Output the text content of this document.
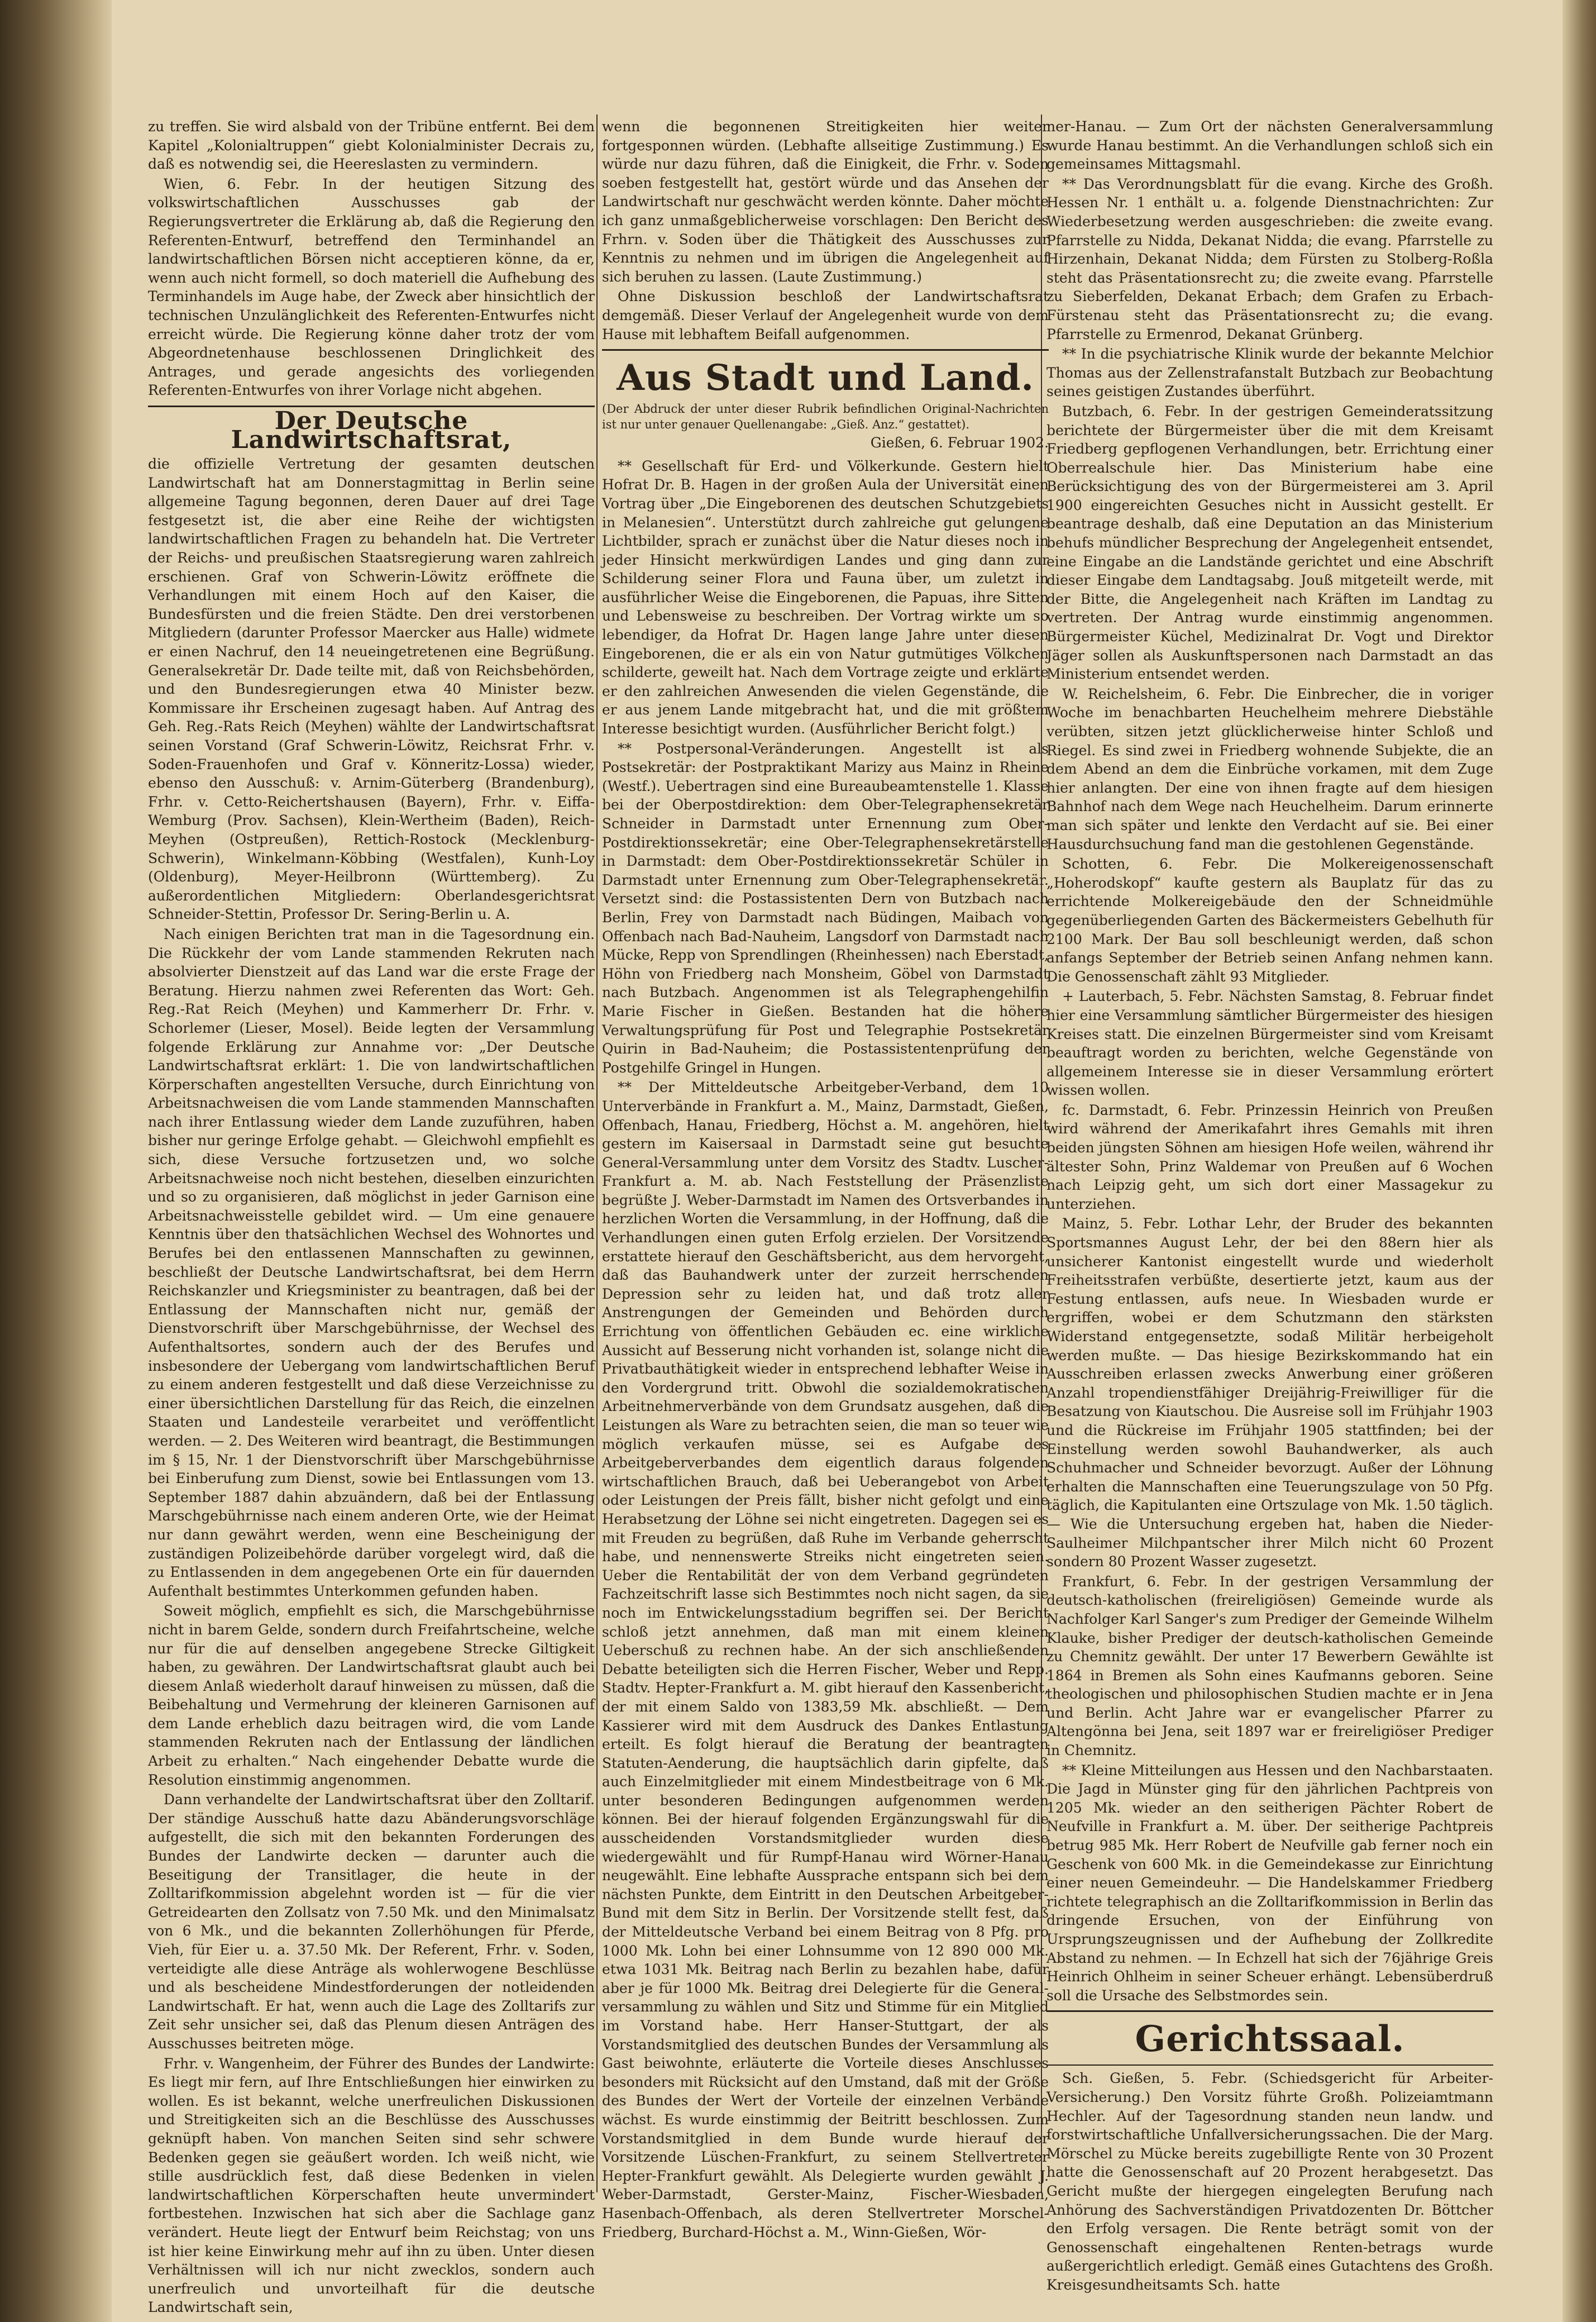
zu treffen. Sie wird alsbald von der Tribüne entfernt. Bei dem Kapitel „Kolonialtruppen“ giebt Kolonialminister Decrais zu, daß es notwendig sei, die Heereslasten zu vermindern.

Wien, 6. Febr. In der heutigen Sitzung des volkswirtschaftlichen Ausschusses gab der Regierungsvertreter die Erklärung ab, daß die Regierung den Referenten-Entwurf, betreffend den Terminhandel an landwirtschaftlichen Börsen nicht acceptieren könne, da er, wenn auch nicht formell, so doch materiell die Aufhebung des Terminhandels im Auge habe, der Zweck aber hinsichtlich der technischen Unzulänglichkeit des Referenten-Entwurfes nicht erreicht würde. Die Regierung könne daher trotz der vom Abgeordnetenhause beschlossenen Dringlichkeit des Antrages, und gerade angesichts des vorliegenden Referenten-Entwurfes von ihrer Vorlage nicht abgehen.

Der Deutsche Landwirtschaftsrat,

die offizielle Vertretung der gesamten deutschen Landwirtschaft hat am Donnerstagmittag in Berlin seine allgemeine Tagung begonnen, deren Dauer auf drei Tage festgesetzt ist, die aber eine Reihe der wichtigsten landwirtschaftlichen Fragen zu behandeln hat. Die Vertreter der Reichs- und preußischen Staatsregierung waren zahlreich erschienen. Graf von Schwerin-Löwitz eröffnete die Verhandlungen mit einem Hoch auf den Kaiser, die Bundesfürsten und die freien Städte. Den drei verstorbenen Mitgliedern (darunter Professor Maercker aus Halle) widmete er einen Nachruf, den 14 neueingetretenen eine Begrüßung. Generalsekretär Dr. Dade teilte mit, daß von Reichsbehörden, und den Bundesregierungen etwa 40 Minister bezw. Kommissare ihr Erscheinen zugesagt haben. Auf Antrag des Geh. Reg.-Rats Reich (Meyhen) wählte der Landwirtschaftsrat seinen Vorstand (Graf Schwerin-Löwitz, Reichsrat Frhr. v. Soden-Frauenhofen und Graf v. Könneritz-Lossa) wieder, ebenso den Ausschuß: v. Arnim-Güterberg (Brandenburg), Frhr. v. Cetto-Reichertshausen (Bayern), Frhr. v. Eiffa-Wemburg (Prov. Sachsen), Klein-Wertheim (Baden), Reich-Meyhen (Ostpreußen), Rettich-Rostock (Mecklenburg-Schwerin), Winkelmann-Köbbing (Westfalen), Kunh-Loy (Oldenburg), Meyer-Heilbronn (Württemberg). Zu außerordentlichen Mitgliedern: Oberlandesgerichtsrat Schneider-Stettin, Professor Dr. Sering-Berlin u. A.

Nach einigen Berichten trat man in die Tagesordnung ein. Die Rückkehr der vom Lande stammenden Rekruten nach absolvierter Dienstzeit auf das Land war die erste Frage der Beratung. Hierzu nahmen zwei Referenten das Wort: Geh. Reg.-Rat Reich (Meyhen) und Kammerherr Dr. Frhr. v. Schorlemer (Lieser, Mosel). Beide legten der Versammlung folgende Erklärung zur Annahme vor: „Der Deutsche Landwirtschaftsrat erklärt: 1. Die von landwirtschaftlichen Körperschaften angestellten Versuche, durch Einrichtung von Arbeitsnachweisen die vom Lande stammenden Mannschaften nach ihrer Entlassung wieder dem Lande zuzuführen, haben bisher nur geringe Erfolge gehabt. — Gleichwohl empfiehlt es sich, diese Versuche fortzusetzen und, wo solche Arbeitsnachweise noch nicht bestehen, dieselben einzurichten und so zu organisieren, daß möglichst in jeder Garnison eine Arbeitsnachweisstelle gebildet wird. — Um eine genauere Kenntnis über den thatsächlichen Wechsel des Wohnortes und Berufes bei den entlassenen Mannschaften zu gewinnen, beschließt der Deutsche Landwirtschaftsrat, bei dem Herrn Reichskanzler und Kriegsminister zu beantragen, daß bei der Entlassung der Mannschaften nicht nur, gemäß der Dienstvorschrift über Marschgebührnisse, der Wechsel des Aufenthaltsortes, sondern auch der des Berufes und insbesondere der Uebergang vom landwirtschaftlichen Beruf zu einem anderen festgestellt und daß diese Verzeichnisse zu einer übersichtlichen Darstellung für das Reich, die einzelnen Staaten und Landesteile verarbeitet und veröffentlicht werden. — 2. Des Weiteren wird beantragt, die Bestimmungen im § 15, Nr. 1 der Dienstvorschrift über Marschgebührnisse bei Einberufung zum Dienst, sowie bei Entlassungen vom 13. September 1887 dahin abzuändern, daß bei der Entlassung Marschgebührnisse nach einem anderen Orte, wie der Heimat nur dann gewährt werden, wenn eine Bescheinigung der zuständigen Polizeibehörde darüber vorgelegt wird, daß die zu Entlassenden in dem angegebenen Orte ein für dauernden Aufenthalt bestimmtes Unterkommen gefunden haben.

Soweit möglich, empfiehlt es sich, die Marschgebührnisse nicht in barem Gelde, sondern durch Freifahrtscheine, welche nur für die auf denselben angegebene Strecke Giltigkeit haben, zu gewähren. Der Landwirtschaftsrat glaubt auch bei diesem Anlaß wiederholt darauf hinweisen zu müssen, daß die Beibehaltung und Vermehrung der kleineren Garnisonen auf dem Lande erheblich dazu beitragen wird, die vom Lande stammenden Rekruten nach der Entlassung der ländlichen Arbeit zu erhalten.“ Nach eingehender Debatte wurde die Resolution einstimmig angenommen.

Dann verhandelte der Landwirtschaftsrat über den Zolltarif. Der ständige Ausschuß hatte dazu Abänderungsvorschläge aufgestellt, die sich mit den bekannten Forderungen des Bundes der Landwirte decken — darunter auch die Beseitigung der Transitlager, die heute in der Zolltarifkommission abgelehnt worden ist — für die vier Getreidearten den Zollsatz von 7.50 Mk. und den Minimalsatz von 6 Mk., und die bekannten Zollerhöhungen für Pferde, Vieh, für Eier u. a. 37.50 Mk. Der Referent, Frhr. v. Soden, verteidigte alle diese Anträge als wohlerwogene Beschlüsse und als bescheidene Mindestforderungen der notleidenden Landwirtschaft. Er hat, wenn auch die Lage des Zolltarifs zur Zeit sehr unsicher sei, daß das Plenum diesen Anträgen des Ausschusses beitreten möge.

Frhr. v. Wangenheim, der Führer des Bundes der Landwirte: Es liegt mir fern, auf Ihre Entschließungen hier einwirken zu wollen. Es ist bekannt, welche unerfreulichen Diskussionen und Streitigkeiten sich an die Beschlüsse des Ausschusses geknüpft haben. Von manchen Seiten sind sehr schwere Bedenken gegen sie geäußert worden. Ich weiß nicht, wie stille ausdrücklich fest, daß diese Bedenken in vielen landwirtschaftlichen Körperschaften heute unvermindert fortbestehen. Inzwischen hat sich aber die Sachlage ganz verändert. Heute liegt der Entwurf beim Reichstag; von uns ist hier keine Einwirkung mehr auf ihn zu üben. Unter diesen Verhältnissen will ich nur nicht zwecklos, sondern auch unerfreulich und unvorteilhaft für die deutsche Landwirtschaft sein,

wenn die begonnenen Streitigkeiten hier weiter fortgesponnen würden. (Lebhafte allseitige Zustimmung.) Es würde nur dazu führen, daß die Einigkeit, die Frhr. v. Soden soeben festgestellt hat, gestört würde und das Ansehen der Landwirtschaft nur geschwächt werden könnte. Daher möchte ich ganz unmaßgeblicherweise vorschlagen: Den Bericht des Frhrn. v. Soden über die Thätigkeit des Ausschusses zur Kenntnis zu nehmen und im übrigen die Angelegenheit auf sich beruhen zu lassen. (Laute Zustimmung.)

Ohne Diskussion beschloß der Landwirtschaftsrat demgemäß. Dieser Verlauf der Angelegenheit wurde von dem Hause mit lebhaftem Beifall aufgenommen.

Aus Stadt und Land.

(Der Abdruck der unter dieser Rubrik befindlichen Original-Nachrichten ist nur unter genauer Quellenangabe: „Gieß. Anz.“ gestattet).

Gießen, 6. Februar 1902.

** Gesellschaft für Erd- und Völkerkunde. Gestern hielt Hofrat Dr. B. Hagen in der großen Aula der Universität einen Vortrag über „Die Eingeborenen des deutschen Schutzgebiets in Melanesien“. Unterstützt durch zahlreiche gut gelungene Lichtbilder, sprach er zunächst über die Natur dieses noch in jeder Hinsicht merkwürdigen Landes und ging dann zur Schilderung seiner Flora und Fauna über, um zuletzt in ausführlicher Weise die Eingeborenen, die Papuas, ihre Sitten und Lebensweise zu beschreiben. Der Vortrag wirkte um so lebendiger, da Hofrat Dr. Hagen lange Jahre unter diesen Eingeborenen, die er als ein von Natur gutmütiges Völkchen schilderte, geweilt hat. Nach dem Vortrage zeigte und erklärte er den zahlreichen Anwesenden die vielen Gegenstände, die er aus jenem Lande mitgebracht hat, und die mit größtem Interesse besichtigt wurden. (Ausführlicher Bericht folgt.)

** Postpersonal-Veränderungen. Angestellt ist als Postsekretär: der Postpraktikant Marizy aus Mainz in Rheine (Westf.). Uebertragen sind eine Bureaubeamtenstelle 1. Klasse bei der Oberpostdirektion: dem Ober-Telegraphensekretär Schneider in Darmstadt unter Ernennung zum Ober-Postdirektionssekretär; eine Ober-Telegraphensekretärstelle in Darmstadt: dem Ober-Postdirektionssekretär Schüler in Darmstadt unter Ernennung zum Ober-Telegraphensekretär. Versetzt sind: die Postassistenten Dern von Butzbach nach Berlin, Frey von Darmstadt nach Büdingen, Maibach von Offenbach nach Bad-Nauheim, Langsdorf von Darmstadt nach Mücke, Repp von Sprendlingen (Rheinhessen) nach Eberstadt, Höhn von Friedberg nach Monsheim, Göbel von Darmstadt nach Butzbach. Angenommen ist als Telegraphengehilfin Marie Fischer in Gießen. Bestanden hat die höhere Verwaltungsprüfung für Post und Telegraphie Postsekretär Quirin in Bad-Nauheim; die Postassistentenprüfung der Postgehilfe Gringel in Hungen.

** Der Mitteldeutsche Arbeitgeber-Verband, dem 10 Unterverbände in Frankfurt a. M., Mainz, Darmstadt, Gießen, Offenbach, Hanau, Friedberg, Höchst a. M. angehören, hielt gestern im Kaisersaal in Darmstadt seine gut besuchte General-Versammlung unter dem Vorsitz des Stadtv. Luscher-Frankfurt a. M. ab. Nach Feststellung der Präsenzliste begrüßte J. Weber-Darmstadt im Namen des Ortsverbandes in herzlichen Worten die Versammlung, in der Hoffnung, daß die Verhandlungen einen guten Erfolg erzielen. Der Vorsitzende erstattete hierauf den Geschäftsbericht, aus dem hervorgeht, daß das Bauhandwerk unter der zurzeit herrschenden Depression sehr zu leiden hat, und daß trotz aller Anstrengungen der Gemeinden und Behörden durch Errichtung von öffentlichen Gebäuden ec. eine wirkliche Aussicht auf Besserung nicht vorhanden ist, solange nicht die Privatbauthätigkeit wieder in entsprechend lebhafter Weise in den Vordergrund tritt. Obwohl die sozialdemokratischen Arbeitnehmerverbände von dem Grundsatz ausgehen, daß die Leistungen als Ware zu betrachten seien, die man so teuer wie möglich verkaufen müsse, sei es Aufgabe des Arbeitgeberverbandes dem eigentlich daraus folgenden wirtschaftlichen Brauch, daß bei Ueberangebot von Arbeit oder Leistungen der Preis fällt, bisher nicht gefolgt und eine Herabsetzung der Löhne sei nicht eingetreten. Dagegen sei es mit Freuden zu begrüßen, daß Ruhe im Verbande geherrscht habe, und nennenswerte Streiks nicht eingetreten seien. Ueber die Rentabilität der von dem Verband gegründeten Fachzeitschrift lasse sich Bestimmtes noch nicht sagen, da sie noch im Entwickelungsstadium begriffen sei. Der Bericht schloß jetzt annehmen, daß man mit einem kleinen Ueberschuß zu rechnen habe. An der sich anschließenden Debatte beteiligten sich die Herren Fischer, Weber und Repp. Stadtv. Hepter-Frankfurt a. M. gibt hierauf den Kassenbericht, der mit einem Saldo von 1383,59 Mk. abschließt. — Dem Kassierer wird mit dem Ausdruck des Dankes Entlastung erteilt. Es folgt hierauf die Beratung der beantragten Statuten-Aenderung, die hauptsächlich darin gipfelte, daß auch Einzelmitglieder mit einem Mindestbeitrage von 6 Mk. unter besonderen Bedingungen aufgenommen werden können. Bei der hierauf folgenden Ergänzungswahl für die ausscheidenden Vorstandsmitglieder wurden diese wiedergewählt und für Rumpf-Hanau wird Wörner-Hanau neugewählt. Eine lebhafte Aussprache entspann sich bei dem nächsten Punkte, dem Eintritt in den Deutschen Arbeitgeber-Bund mit dem Sitz in Berlin. Der Vorsitzende stellt fest, daß der Mitteldeutsche Verband bei einem Beitrag von 8 Pfg. pro 1000 Mk. Lohn bei einer Lohnsumme von 12 890 000 Mk. etwa 1031 Mk. Beitrag nach Berlin zu bezahlen habe, dafür aber je für 1000 Mk. Beitrag drei Delegierte für die General-versammlung zu wählen und Sitz und Stimme für ein Mitglied im Vorstand habe. Herr Hanser-Stuttgart, der als Vorstandsmitglied des deutschen Bundes der Versammlung als Gast beiwohnte, erläuterte die Vorteile dieses Anschlusses besonders mit Rücksicht auf den Umstand, daß mit der Größe des Bundes der Wert der Vorteile der einzelnen Verbände wächst. Es wurde einstimmig der Beitritt beschlossen. Zum Vorstandsmitglied in dem Bunde wurde hierauf der Vorsitzende Lüschen-Frankfurt, zu seinem Stellvertreter Hepter-Frankfurt gewählt. Als Delegierte wurden gewählt J. Weber-Darmstadt, Gerster-Mainz, Fischer-Wiesbaden, Hasenbach-Offenbach, als deren Stellvertreter Morschel-Friedberg, Burchard-Höchst a. M., Winn-Gießen, Wör-

ner-Hanau. — Zum Ort der nächsten Generalversammlung wurde Hanau bestimmt. An die Verhandlungen schloß sich ein gemeinsames Mittagsmahl.

** Das Verordnungsblatt für die evang. Kirche des Großh. Hessen Nr. 1 enthält u. a. folgende Dienstnachrichten: Zur Wiederbesetzung werden ausgeschrieben: die zweite evang. Pfarrstelle zu Nidda, Dekanat Nidda; die evang. Pfarrstelle zu Hirzenhain, Dekanat Nidda; dem Fürsten zu Stolberg-Roßla steht das Präsentationsrecht zu; die zweite evang. Pfarrstelle zu Sieberfelden, Dekanat Erbach; dem Grafen zu Erbach-Fürstenau steht das Präsentationsrecht zu; die evang. Pfarrstelle zu Ermenrod, Dekanat Grünberg.

** In die psychiatrische Klinik wurde der bekannte Melchior Thomas aus der Zellenstrafanstalt Butzbach zur Beobachtung seines geistigen Zustandes überführt.

Butzbach, 6. Febr. In der gestrigen Gemeinderatssitzung berichtete der Bürgermeister über die mit dem Kreisamt Friedberg gepflogenen Verhandlungen, betr. Errichtung einer Oberrealschule hier. Das Ministerium habe eine Berücksichtigung des von der Bürgermeisterei am 3. April 1900 eingereichten Gesuches nicht in Aussicht gestellt. Er beantrage deshalb, daß eine Deputation an das Ministerium behufs mündlicher Besprechung der Angelegenheit entsendet, eine Eingabe an die Landstände gerichtet und eine Abschrift dieser Eingabe dem Landtagsabg. Jouß mitgeteilt werde, mit der Bitte, die Angelegenheit nach Kräften im Landtag zu vertreten. Der Antrag wurde einstimmig angenommen. Bürgermeister Küchel, Medizinalrat Dr. Vogt und Direktor Jäger sollen als Auskunftspersonen nach Darmstadt an das Ministerium entsendet werden.

W. Reichelsheim, 6. Febr. Die Einbrecher, die in voriger Woche im benachbarten Heuchelheim mehrere Diebstähle verübten, sitzen jetzt glücklicherweise hinter Schloß und Riegel. Es sind zwei in Friedberg wohnende Subjekte, die an dem Abend an dem die Einbrüche vorkamen, mit dem Zuge hier anlangten. Der eine von ihnen fragte auf dem hiesigen Bahnhof nach dem Wege nach Heuchelheim. Darum erinnerte man sich später und lenkte den Verdacht auf sie. Bei einer Hausdurchsuchung fand man die gestohlenen Gegenstände.

Schotten, 6. Febr. Die Molkereigenossenschaft „Hoherodskopf“ kaufte gestern als Bauplatz für das zu errichtende Molkereigebäude den der Schneidmühle gegenüberliegenden Garten des Bäckermeisters Gebelhuth für 2100 Mark. Der Bau soll beschleunigt werden, daß schon anfangs September der Betrieb seinen Anfang nehmen kann. Die Genossenschaft zählt 93 Mitglieder.

+ Lauterbach, 5. Febr. Nächsten Samstag, 8. Februar findet hier eine Versammlung sämtlicher Bürgermeister des hiesigen Kreises statt. Die einzelnen Bürgermeister sind vom Kreisamt beauftragt worden zu berichten, welche Gegenstände von allgemeinem Interesse sie in dieser Versammlung erörtert wissen wollen.

fc. Darmstadt, 6. Febr. Prinzessin Heinrich von Preußen wird während der Amerikafahrt ihres Gemahls mit ihren beiden jüngsten Söhnen am hiesigen Hofe weilen, während ihr ältester Sohn, Prinz Waldemar von Preußen auf 6 Wochen nach Leipzig geht, um sich dort einer Massagekur zu unterziehen.

Mainz, 5. Febr. Lothar Lehr, der Bruder des bekannten Sportsmannes August Lehr, der bei den 88ern hier als unsicherer Kantonist eingestellt wurde und wiederholt Freiheitsstrafen verbüßte, desertierte jetzt, kaum aus der Festung entlassen, aufs neue. In Wiesbaden wurde er ergriffen, wobei er dem Schutzmann den stärksten Widerstand entgegensetzte, sodaß Militär herbeigeholt werden mußte. — Das hiesige Bezirkskommando hat ein Ausschreiben erlassen zwecks Anwerbung einer größeren Anzahl tropendienstfähiger Dreijährig-Freiwilliger für die Besatzung von Kiautschou. Die Ausreise soll im Frühjahr 1903 und die Rückreise im Frühjahr 1905 stattfinden; bei der Einstellung werden sowohl Bauhandwerker, als auch Schuhmacher und Schneider bevorzugt. Außer der Löhnung erhalten die Mannschaften eine Teuerungszulage von 50 Pfg. täglich, die Kapitulanten eine Ortszulage von Mk. 1.50 täglich. — Wie die Untersuchung ergeben hat, haben die Nieder-Saulheimer Milchpantscher ihrer Milch nicht 60 Prozent sondern 80 Prozent Wasser zugesetzt.

Frankfurt, 6. Febr. In der gestrigen Versammlung der deutsch-katholischen (freireligiösen) Gemeinde wurde als Nachfolger Karl Sanger's zum Prediger der Gemeinde Wilhelm Klauke, bisher Prediger der deutsch-katholischen Gemeinde zu Chemnitz gewählt. Der unter 17 Bewerbern Gewählte ist 1864 in Bremen als Sohn eines Kaufmanns geboren. Seine theologischen und philosophischen Studien machte er in Jena und Berlin. Acht Jahre war er evangelischer Pfarrer zu Altengönna bei Jena, seit 1897 war er freireligiöser Prediger in Chemnitz.

** Kleine Mitteilungen aus Hessen und den Nachbarstaaten. Die Jagd in Münster ging für den jährlichen Pachtpreis von 1205 Mk. wieder an den seitherigen Pächter Robert de Neufville in Frankfurt a. M. über. Der seitherige Pachtpreis betrug 985 Mk. Herr Robert de Neufville gab ferner noch ein Geschenk von 600 Mk. in die Gemeindekasse zur Einrichtung einer neuen Gemeindeuhr. — Die Handelskammer Friedberg richtete telegraphisch an die Zolltarifkommission in Berlin das dringende Ersuchen, von der Einführung von Ursprungszeugnissen und der Aufhebung der Zollkredite Abstand zu nehmen. — In Echzell hat sich der 76jährige Greis Heinrich Ohlheim in seiner Scheuer erhängt. Lebensüberdruß soll die Ursache des Selbstmordes sein.

Gerichtssaal.

Sch. Gießen, 5. Febr. (Schiedsgericht für Arbeiter-Versicherung.) Den Vorsitz führte Großh. Polizeiamtmann Hechler. Auf der Tagesordnung standen neun landw. und forstwirtschaftliche Unfallversicherungssachen. Die der Marg. Mörschel zu Mücke bereits zugebilligte Rente von 30 Prozent hatte die Genossenschaft auf 20 Prozent herabgesetzt. Das Gericht mußte der hiergegen eingelegten Berufung nach Anhörung des Sachverständigen Privatdozenten Dr. Böttcher den Erfolg versagen. Die Rente beträgt somit von der Genossenschaft eingehaltenen Renten-betrags wurde außergerichtlich erledigt. Gemäß eines Gutachtens des Großh. Kreisgesundheitsamts Sch. hatte
